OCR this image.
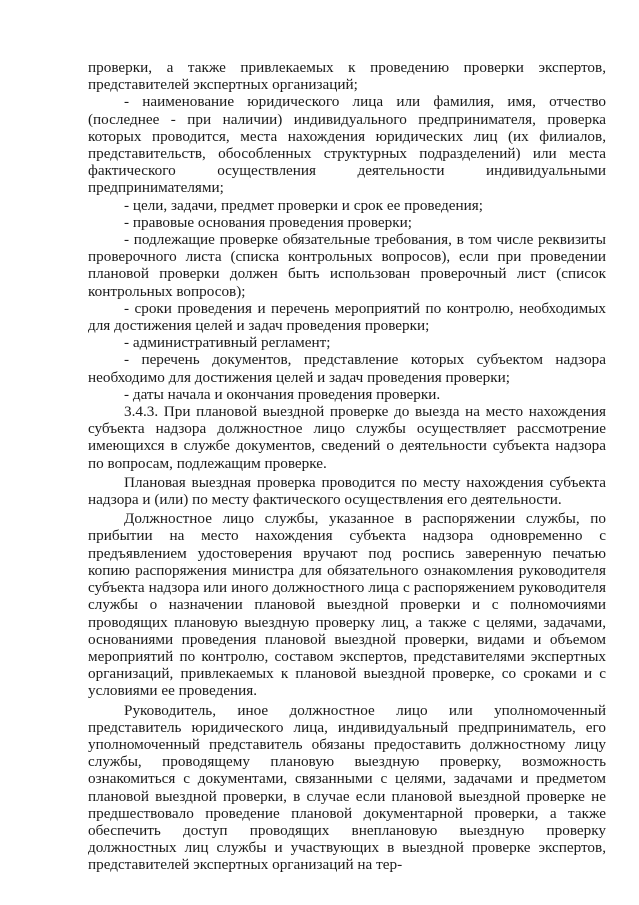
проверки, а также привлекаемых к проведению проверки экспертов, представителей экспертных организаций;

- наименование юридического лица или фамилия, имя, отчество (последнее - при наличии) индивидуального предпринимателя, проверка которых проводится, места нахождения юридических лиц (их филиалов, представительств, обособленных структурных подразделений) или места фактического осуществления деятельности индивидуальными предпринимателями;

- цели, задачи, предмет проверки и срок ее проведения;

- правовые основания проведения проверки;

- подлежащие проверке обязательные требования, в том числе реквизиты проверочного листа (списка контрольных вопросов), если при проведении плановой проверки должен быть использован проверочный лист (список контрольных вопросов);

- сроки проведения и перечень мероприятий по контролю, необходимых для достижения целей и задач проведения проверки;

- административный регламент;

- перечень документов, представление которых субъектом надзора необходимо для достижения целей и задач проведения проверки;

- даты начала и окончания проведения проверки.

3.4.3. При плановой выездной проверке до выезда на место нахождения субъекта надзора должностное лицо службы осуществляет рассмотрение имеющихся в службе документов, сведений о деятельности субъекта надзора по вопросам, подлежащим проверке.

Плановая выездная проверка проводится по месту нахождения субъекта надзора и (или) по месту фактического осуществления его деятельности.

Должностное лицо службы, указанное в распоряжении службы, по прибытии на место нахождения субъекта надзора одновременно с предъявлением удостоверения вручают под роспись заверенную печатью копию распоряжения министра для обязательного ознакомления руководителя субъекта надзора или иного должностного лица с распоряжением руководителя службы о назначении плановой выездной проверки и с полномочиями проводящих плановую выездную проверку лиц, а также с целями, задачами, основаниями проведения плановой выездной проверки, видами и объемом мероприятий по контролю, составом экспертов, представителями экспертных организаций, привлекаемых к плановой выездной проверке, со сроками и с условиями ее проведения.

Руководитель, иное должностное лицо или уполномоченный представитель юридического лица, индивидуальный предприниматель, его уполномоченный представитель обязаны предоставить должностному лицу службы, проводящему плановую выездную проверку, возможность ознакомиться с документами, связанными с целями, задачами и предметом плановой выездной проверки, в случае если плановой выездной проверке не предшествовало проведение плановой документарной проверки, а также обеспечить доступ проводящих внеплановую выездную проверку должностных лиц службы и участвующих в выездной проверке экспертов, представителей экспертных организаций на тер-
